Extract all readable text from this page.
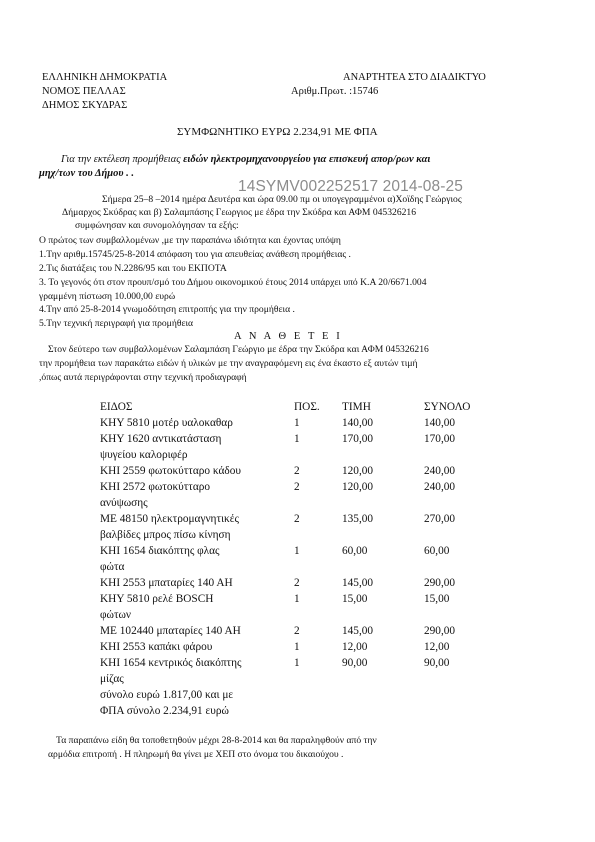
ΕΛΛΗΝΙΚΗ ΔΗΜΟΚΡΑΤΙΑ
ΝΟΜΟΣ ΠΕΛΛΑΣ
ΔΗΜΟΣ ΣΚΥΔΡΑΣ
ΑΝΑΡΤΗΤΕΑ ΣΤΟ ΔΙΑΔΙΚΤΥΟ
Αριθμ.Πρωτ. :15746
ΣΥΜΦΩΝΗΤΙΚΟ ΕΥΡΩ 2.234,91 ΜΕ ΦΠΑ
Για την εκτέλεση προμήθειας ειδών ηλεκτρομηχανουργείου για επισκευή απορ/ρων και
μηχ/των του Δήμου . .
14SYMV002252517 2014-08-25
Σήμερα 25–8 –2014 ημέρα Δευτέρα και ώρα 09.00 πμ οι υπογεγραμμένοι α)Χοϊδης Γεώργιος
Δήμαρχος Σκύδρας και β) Σαλαμπάσης Γεωργιος με έδρα την Σκύδρα και ΑΦΜ 045326216
συμφώνησαν και συνομολόγησαν τα εξής:
Ο πρώτος των συμβαλλομένων ,με την παραπάνω ιδιότητα και έχοντας υπόψη
1.Την αριθμ.15745/25-8-2014 απόφαση του για απευθείας ανάθεση προμήθειας .
2.Τις διατάξεις του Ν.2286/95 και του ΕΚΠΟΤΑ
3. Το γεγονός ότι στον προυπ/σμό του Δήμου οικονομικού έτους 2014 υπάρχει υπό Κ.Α 20/6671.004
γραμμένη πίστωση 10.000,00 ευρώ
4.Την από 25-8-2014 γνωμοδότηση επιτροπής για την προμήθεια .
5.Την τεχνική περιγραφή για προμήθεια
Α Ν Α Θ Ε Τ Ε Ι
Στον δεύτερο των συμβαλλομένων Σαλαμπάση Γεώργιο με έδρα την Σκύδρα και ΑΦΜ 045326216
την προμήθεια των παρακάτω ειδών ή υλικών με την αναγραφόμενη εις ένα έκαστο εξ αυτών τιμή
,όπως αυτά περιγράφονται στην τεχνική προδιαγραφή
ΕΙΔΟΣ	ΠΟΣ. ΤΙΜΗ	ΣΥΝΟΛΟ
ΚΗΥ 5810 μοτέρ υαλοκαθαρ	1	140,00	140,00
ΚΗΥ 1620 αντικατάσταση
ψυγείου καλοριφέρ
1	170,00	170,00
ΚΗΙ 2559 φωτοκύτταρο κάδου	2	120,00	240,00
ΚΗΙ 2572 φωτοκύτταρο
ανύψωσης
2	120,00	240,00
ΜΕ 48150 ηλεκτρομαγνητικές
βαλβίδες μπρος πίσω κίνηση
2	135,00	270,00
ΚΗΙ 1654 διακόπτης φλας
φώτα
1	60,00	60,00
ΚΗΙ 2553 μπαταρίες 140 ΑΗ	2	145,00	290,00
ΚΗΥ 5810 ρελέ BOSCH
φώτων
1	15,00	15,00
ΜΕ 102440 μπαταρίες 140 ΑΗ	2	145,00	290,00
ΚΗΙ 2553 καπάκι φάρου	1	12,00	12,00
ΚΗΙ 1654 κεντρικός διακόπτης
μίζας
1	90,00	90,00
σύνολο ευρώ 1.817,00 και με
ΦΠΑ σύνολο 2.234,91 ευρώ
Τα παραπάνω είδη θα τοποθετηθούν μέχρι 28-8-2014 και θα παραληφθούν από την
αρμόδια επιτροπή . Η πληρωμή θα γίνει με ΧΕΠ στο όνομα του δικαιούχου .
